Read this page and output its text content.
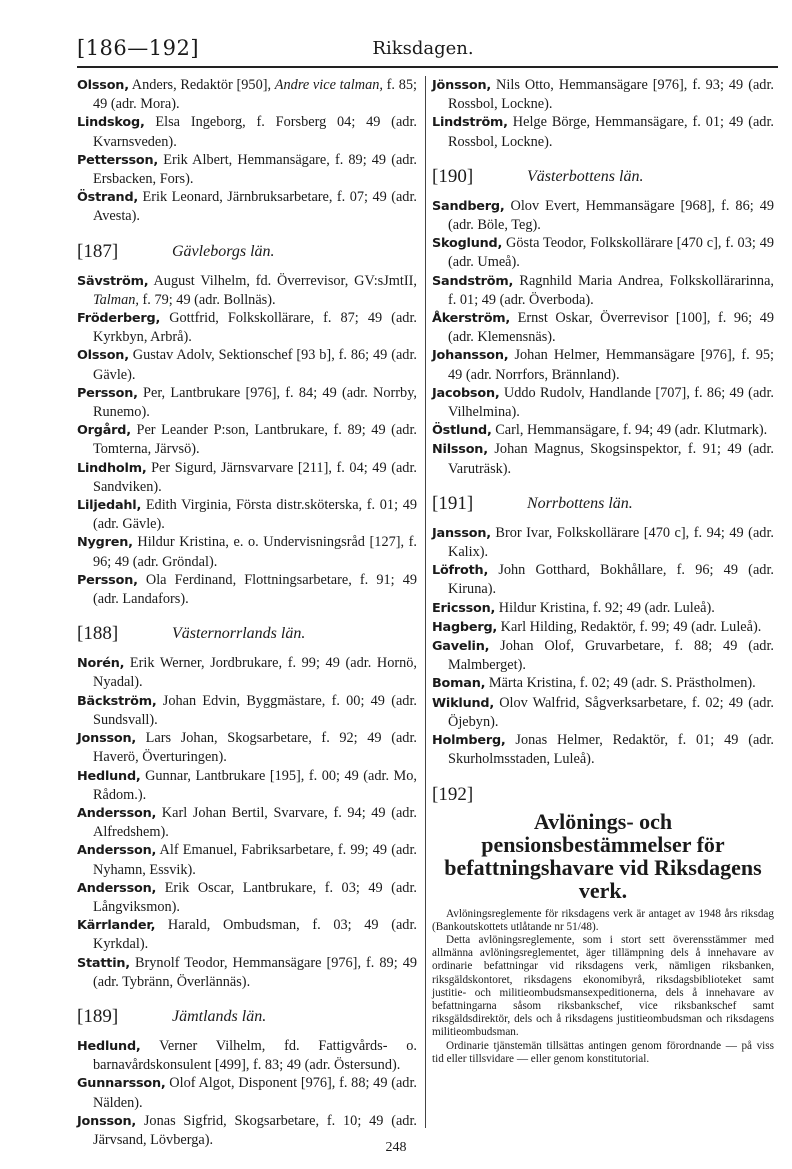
[186—192]	Riksdagen.

Olsson, Anders, Redaktör [950], Andre vice talman, f. 85; 49 (adr. Mora).

Lindskog, Elsa Ingeborg, f. Forsberg 04; 49 (adr. Kvarnsveden).

Pettersson, Erik Albert, Hemmansägare, f. 89; 49 (adr. Ersbacken, Fors).

Östrand, Erik Leonard, Järnbruksarbetare, f. 07; 49 (adr. Avesta).

[187]	Gävleborgs län.

Sävström, August Vilhelm, fd. Överrevisor, GV:sJmtII, Talman, f. 79; 49 (adr. Bollnäs).

Fröderberg, Gottfrid, Folkskollärare, f. 87; 49 (adr. Kyrkbyn, Arbrå).

Olsson, Gustav Adolv, Sektionschef [93 b], f. 86; 49 (adr. Gävle).

Persson, Per, Lantbrukare [976], f. 84; 49 (adr. Norrby, Runemo).

Orgård, Per Leander P:son, Lantbrukare, f. 89; 49 (adr. Tomterna, Järvsö).

Lindholm, Per Sigurd, Järnsvarvare [211], f. 04; 49 (adr. Sandviken).

Liljedahl, Edith Virginia, Första distr.sköterska, f. 01; 49 (adr. Gävle).

Nygren, Hildur Kristina, e. o. Undervisningsråd [127], f. 96; 49 (adr. Gröndal).

Persson, Ola Ferdinand, Flottningsarbetare, f. 91; 49 (adr. Landafors).

[188]	Västernorrlands län.

Norén, Erik Werner, Jordbrukare, f. 99; 49 (adr. Hornö, Nyadal).

Bäckström, Johan Edvin, Byggmästare, f. 00; 49 (adr. Sundsvall).

Jonsson, Lars Johan, Skogsarbetare, f. 92; 49 (adr. Haverö, Överturingen).

Hedlund, Gunnar, Lantbrukare [195], f. 00; 49 (adr. Mo, Rådom.).

Andersson, Karl Johan Bertil, Svarvare, f. 94; 49 (adr. Alfredshem).

Andersson, Alf Emanuel, Fabriksarbetare, f. 99; 49 (adr. Nyhamn, Essvik).

Andersson, Erik Oscar, Lantbrukare, f. 03; 49 (adr. Långviksmon).

Kärrlander, Harald, Ombudsman, f. 03; 49 (adr. Kyrkdal).

Stattin, Brynolf Teodor, Hemmansägare [976], f. 89; 49 (adr. Tybränn, Överlännäs).

[189]	Jämtlands län.

Hedlund, Verner Vilhelm, fd. Fattigvårds- o. barnavårdskonsulent [499], f. 83; 49 (adr. Östersund).

Gunnarsson, Olof Algot, Disponent [976], f. 88; 49 (adr. Nälden).

Jonsson, Jonas Sigfrid, Skogsarbetare, f. 10; 49 (adr. Järvsand, Lövberga).

Jönsson, Nils Otto, Hemmansägare [976], f. 93; 49 (adr. Rossbol, Lockne).

Lindström, Helge Börge, Hemmansägare, f. 01; 49 (adr. Rossbol, Lockne).

[190]	Västerbottens län.

Sandberg, Olov Evert, Hemmansägare [968], f. 86; 49 (adr. Böle, Teg).

Skoglund, Gösta Teodor, Folkskollärare [470 c], f. 03; 49 (adr. Umeå).

Sandström, Ragnhild Maria Andrea, Folkskollärarinna, f. 01; 49 (adr. Överboda).

Åkerström, Ernst Oskar, Överrevisor [100], f. 96; 49 (adr. Klemensnäs).

Johansson, Johan Helmer, Hemmansägare [976], f. 95; 49 (adr. Norrfors, Brännland).

Jacobson, Uddo Rudolv, Handlande [707], f. 86; 49 (adr. Vilhelmina).

Östlund, Carl, Hemmansägare, f. 94; 49 (adr. Klutmark).

Nilsson, Johan Magnus, Skogsinspektor, f. 91; 49 (adr. Varuträsk).

[191]	Norrbottens län.

Jansson, Bror Ivar, Folkskollärare [470 c], f. 94; 49 (adr. Kalix).

Löfroth, John Gotthard, Bokhållare, f. 96; 49 (adr. Kiruna).

Ericsson, Hildur Kristina, f. 92; 49 (adr. Luleå).

Hagberg, Karl Hilding, Redaktör, f. 99; 49 (adr. Luleå).

Gavelin, Johan Olof, Gruvarbetare, f. 88; 49 (adr. Malmberget).

Boman, Märta Kristina, f. 02; 49 (adr. S. Prästholmen).

Wiklund, Olov Walfrid, Sågverksarbetare, f. 02; 49 (adr. Öjebyn).

Holmberg, Jonas Helmer, Redaktör, f. 01; 49 (adr. Skurholmsstaden, Luleå).

[192]
Avlönings- och pensionsbestämmelser för befattningshavare vid Riksdagens verk.

Avlöningsreglemente för riksdagens verk är antaget av 1948 års riksdag (Bankoutskottets utlåtande nr 51/48).

Detta avlöningsreglemente, som i stort sett överensstämmer med allmänna avlöningsreglementet, äger tillämpning dels å innehavare av ordinarie befattningar vid riksdagens verk, nämligen riksbanken, riksgäldskontoret, riksdagens ekonomibyrå, riksdagsbiblioteket samt justitie- och militieombudsmansexpeditionerna, dels å innehavare av befattningarna såsom riksbankschef, vice riksbankschef samt riksgäldsdirektör, dels och å riksdagens justitieombudsman och riksdagens militieombudsman.

Ordinarie tjänstemän tillsättas antingen genom förordnande — på viss tid eller tillsvidare — eller genom konstitutorial.

248
